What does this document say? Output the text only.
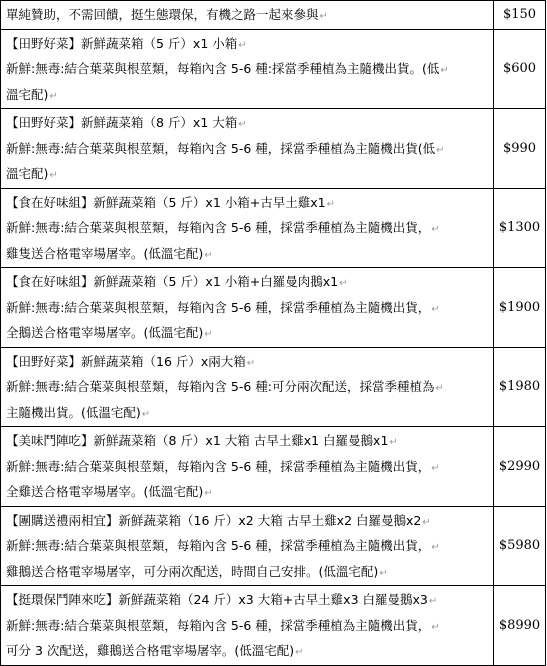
單純贊助，不需回饋，挺生態環保，有機之路一起來參與↵	$150

【田野好菜】新鮮蔬菜箱（5 斤）x1 小箱↵
新鮮:無毒:結合葉菜與根莖類，每箱內含 5-6 種:採當季種植為主隨機出貨。(低↵
溫宅配)↵	$600

【田野好菜】新鮮蔬菜箱（8 斤）x1 大箱↵
新鮮:無毒:結合葉菜與根莖類，每箱內含 5-6 種，採當季種植為主隨機出貨(低↵
溫宅配)↵	$990

【食在好味組】新鮮蔬菜箱（5 斤）x1 小箱+古早土雞x1↵
新鮮:無毒:結合葉菜與根莖類，每箱內含 5-6 種，採當季種植為主隨機出貨，↵
雞隻送合格電宰場屠宰。(低溫宅配)↵	$1300

【食在好味組】新鮮蔬菜箱（5 斤）x1 小箱+白羅曼肉鵝x1↵
新鮮:無毒:結合葉菜與根莖類，每箱內含 5-6 種，採當季種植為主隨機出貨，↵
全鵝送合格電宰場屠宰。(低溫宅配)↵	$1900

【田野好菜】新鮮蔬菜箱（16 斤）x兩大箱↵
新鮮:無毒:結合葉菜與根莖類，每箱內含 5-6 種:可分兩次配送，採當季種植為↵
主隨機出貨。(低溫宅配)↵	$1980

【美味鬥陣吃】新鮮蔬菜箱（8 斤）x1 大箱 古早土雞x1 白羅曼鵝x1↵
新鮮:無毒:結合葉菜與根莖類，每箱內含 5-6 種，採當季種植為主隨機出貨，↵
全雞送合格電宰場屠宰。(低溫宅配)↵	$2990

【團購送禮兩相宜】新鮮蔬菜箱（16 斤）x2 大箱 古早土雞x2 白羅曼鵝x2↵
新鮮:無毒:結合葉菜與根莖類，每箱內含 5-6 種，採當季種植為主隨機出貨，↵
雞鵝送合格電宰場屠宰，可分兩次配送，時間自己安排。(低溫宅配)↵	$5980

【挺環保鬥陣來吃】新鮮蔬菜箱（24 斤）x3 大箱+古早土雞x3 白羅曼鵝x3↵
新鮮:無毒:結合葉菜與根莖類，每箱內含 5-6 種，採當季種植為主隨機出貨，↵
可分 3 次配送，雞鵝送合格電宰場屠宰。(低溫宅配)↵	$8990
